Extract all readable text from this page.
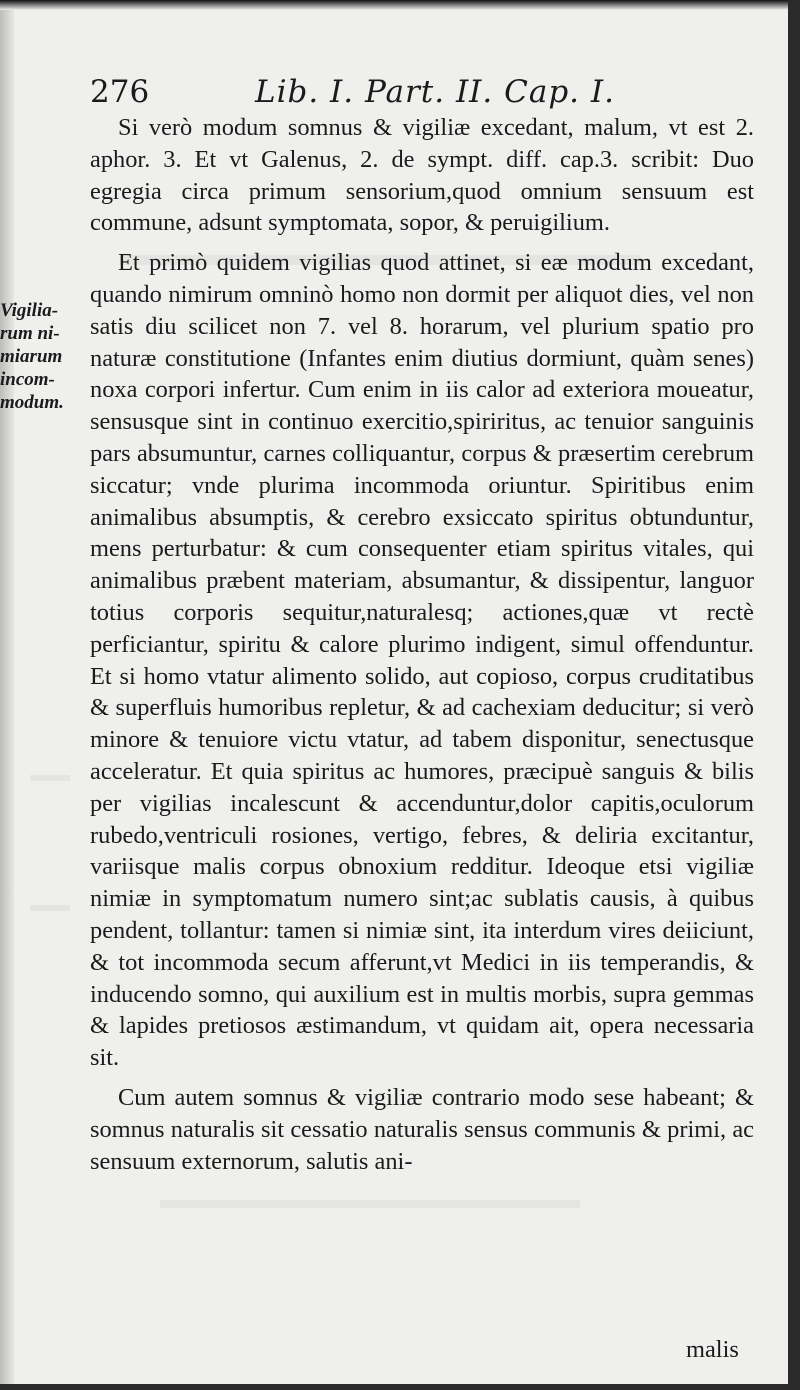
276	Lib. I. Part. II. Cap. I.
Vigilia-
rum ni-
miarum
incom-
modum.

Si verò modum somnus & vigiliæ excedant, malum, vt est 2. aphor. 3. Et vt Galenus, 2. de sympt. diff. cap.3. scribit: Duo egregia circa primum sensorium,quod omnium sensuum est commune, adsunt symptomata, sopor, & peruigilium.

Et primò quidem vigilias quod attinet, si eæ modum excedant, quando nimirum omninò homo non dormit per aliquot dies, vel non satis diu scilicet non 7. vel 8. horarum, vel plurium spatio pro naturæ constitutione (Infantes enim diutius dormiunt, quàm senes) noxa corpori infertur. Cum enim in iis calor ad exteriora moueatur, sensusque sint in continuo exercitio,spiriritus, ac tenuior sanguinis pars absumuntur, carnes colliquantur, corpus & præsertim cerebrum siccatur; vnde plurima incommoda oriuntur. Spiritibus enim animalibus absumptis, & cerebro exsiccato spiritus obtunduntur, mens perturbatur: & cum consequenter etiam spiritus vitales, qui animalibus præbent materiam, absumantur, & dissipentur, languor totius corporis sequitur,naturalesq; actiones,quæ vt rectè perficiantur, spiritu & calore plurimo indigent, simul offenduntur. Et si homo vtatur alimento solido, aut copioso, corpus cruditatibus & superfluis humoribus repletur, & ad cachexiam deducitur; si verò minore & tenuiore victu vtatur, ad tabem disponitur, senectusque acceleratur. Et quia spiritus ac humores, præcipuè sanguis & bilis per vigilias incalescunt & accenduntur,dolor capitis,oculorum rubedo,ventriculi rosiones, vertigo, febres, & deliria excitantur, variisque malis corpus obnoxium redditur. Ideoque etsi vigiliæ nimiæ in symptomatum numero sint;ac sublatis causis, à quibus pendent, tollantur: tamen si nimiæ sint, ita interdum vires deiiciunt, & tot incommoda secum afferunt,vt Medici in iis temperandis, & inducendo somno, qui auxilium est in multis morbis, supra gemmas & lapides pretiosos æstimandum, vt quidam ait, opera necessaria sit.

Cum autem somnus & vigiliæ contrario modo sese habeant; & somnus naturalis sit cessatio naturalis sensus communis & primi, ac sensuum externorum, salutis ani-

malis
